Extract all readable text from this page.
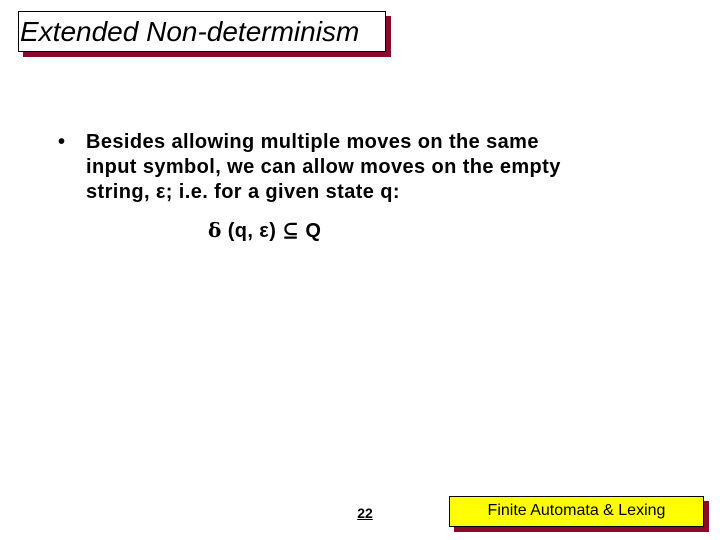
Extended Non-determinism
• Besides allowing multiple moves on the same
input symbol, we can allow moves on the empty
string, ε; i.e. for a given state q:
δ (q, ε) ⊆ Q
22	Finite Automata & Lexing
